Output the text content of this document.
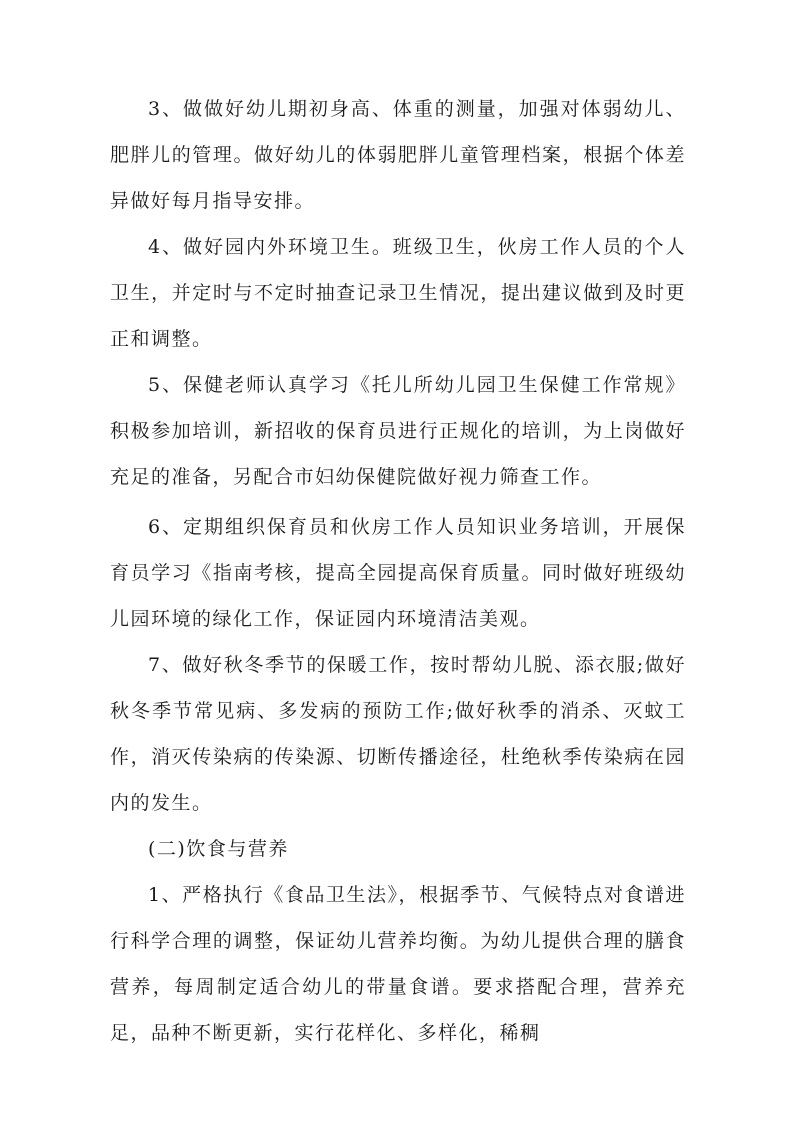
3、做做好幼儿期初身高、体重的测量，加强对体弱幼儿、肥胖儿的管理。做好幼儿的体弱肥胖儿童管理档案，根据个体差异做好每月指导安排。

4、做好园内外环境卫生。班级卫生，伙房工作人员的个人卫生，并定时与不定时抽查记录卫生情况，提出建议做到及时更正和调整。

5、保健老师认真学习《托儿所幼儿园卫生保健工作常规》积极参加培训，新招收的保育员进行正规化的培训，为上岗做好充足的准备，另配合市妇幼保健院做好视力筛查工作。

6、定期组织保育员和伙房工作人员知识业务培训，开展保育员学习《指南考核，提高全园提高保育质量。同时做好班级幼儿园环境的绿化工作，保证园内环境清洁美观。

7、做好秋冬季节的保暖工作，按时帮幼儿脱、添衣服;做好秋冬季节常见病、多发病的预防工作;做好秋季的消杀、灭蚊工作，消灭传染病的传染源、切断传播途径，杜绝秋季传染病在园内的发生。

(二)饮食与营养

1、严格执行《食品卫生法》，根据季节、气候特点对食谱进行科学合理的调整，保证幼儿营养均衡。为幼儿提供合理的膳食营养，每周制定适合幼儿的带量食谱。要求搭配合理，营养充足，品种不断更新，实行花样化、多样化，稀稠
